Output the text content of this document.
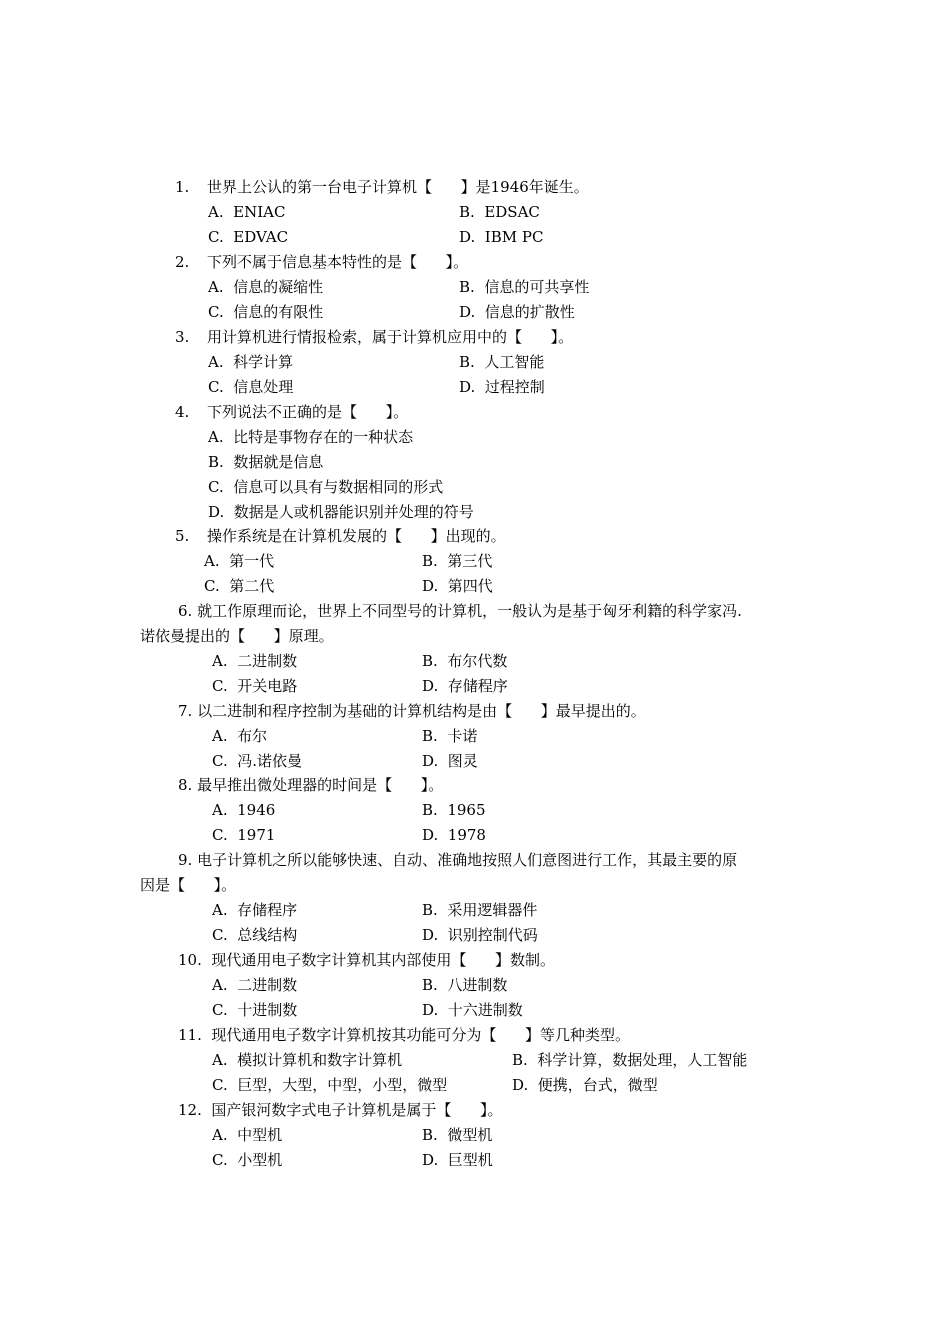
1. 世界上公认的第一台电子计算机【      】是1946年诞生。
A.  ENIAC	B.  EDSAC
C.  EDVAC	D.  IBM PC
2. 下列不属于信息基本特性的是【      】。
A.  信息的凝缩性	B.  信息的可共享性
C.  信息的有限性	D.  信息的扩散性
3. 用计算机进行情报检索，属于计算机应用中的【      】。
A.  科学计算	B.  人工智能
C.  信息处理	D.  过程控制
4. 下列说法不正确的是【      】。
A.  比特是事物存在的一种状态
B.  数据就是信息
C.  信息可以具有与数据相同的形式
D.  数据是人或机器能识别并处理的符号
5. 操作系统是在计算机发展的【      】出现的。
A.  第一代	B.  第三代
C.  第二代	D.  第四代
6. 就工作原理而论，世界上不同型号的计算机，一般认为是基于匈牙利籍的科学家冯.
诺依曼提出的【      】原理。
A.  二进制数	B.  布尔代数
C.  开关电路	D.  存储程序
7. 以二进制和程序控制为基础的计算机结构是由【      】最早提出的。
A.  布尔	B.  卡诺
C.  冯.诺依曼	D.  图灵
8. 最早推出微处理器的时间是【      】。
A.  1946	B.  1965
C.  1971	D.  1978
9. 电子计算机之所以能够快速、自动、准确地按照人们意图进行工作，其最主要的原
因是【      】。
A.  存储程序	B.  采用逻辑器件
C.  总线结构	D.  识别控制代码
10. 现代通用电子数字计算机其内部使用【      】数制。
A.  二进制数	B.  八进制数
C.  十进制数	D.  十六进制数
11. 现代通用电子数字计算机按其功能可分为【      】等几种类型。
A.  模拟计算机和数字计算机	B.  科学计算，数据处理，人工智能
C.  巨型，大型，中型，小型，微型	D.  便携，台式，微型
12. 国产银河数字式电子计算机是属于【      】。
A.  中型机	B.  微型机
C.  小型机	D.  巨型机
